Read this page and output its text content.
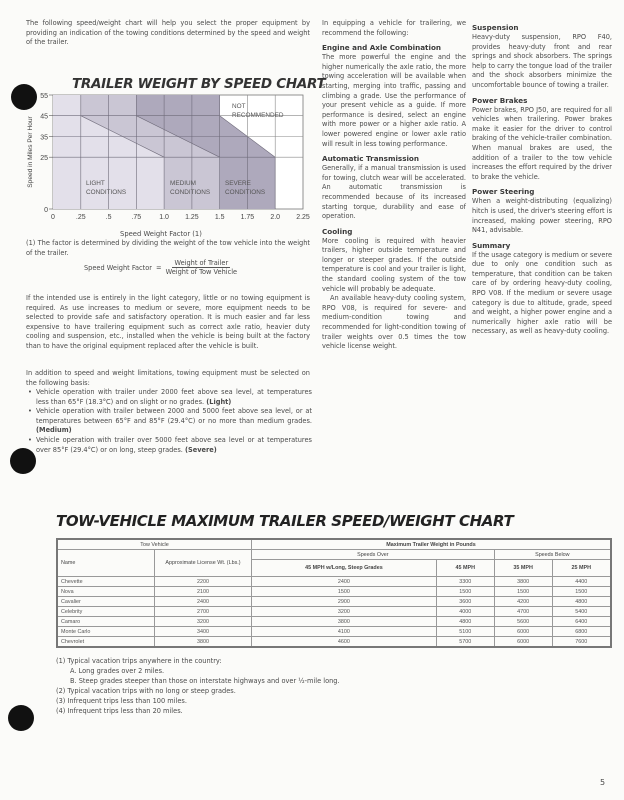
The following speed/weight chart will help you select the proper equipment by providing an indication of the towing conditions determined by the speed and weight of the trailer.

TRAILER WEIGHT BY SPEED CHART
55
45
35
25
0
0	.25	.5	.75	1.0 1.25 1.5 1.75 2.0 2.25
Speed in Miles Per Hour	LIGHT
CONDITIONS
MEDIUM
CONDITIONS
SEVERE
CONDITIONS
NOT
RECOMMENDED
Speed Weight Factor (1)

(1) The factor is determined by dividing the weight of the tow vehicle into the weight of the trailer.

Speed Weight Factor =
Weight of Trailer
Weight of Tow Vehicle

If the intended use is entirely in the light category, little or no towing equipment is required. As use increases to medium or severe, more equipment needs to be selected to provide safe and satisfactory operation. It is much easier and far less expensive to have trailering equipment such as correct axle ratio, heavier duty cooling and suspension, etc., installed when the vehicle is being built at the factory than to have the original equipment replaced after the vehicle is built.

In addition to speed and weight limitations, towing equipment must be selected on the following basis:

• Vehicle operation with trailer under 2000 feet above sea level, at temperatures less than 65°F (18.3°C) and on slight or no grades. (Light)

• Vehicle operation with trailer between 2000 and 5000 feet above sea level, or at temperatures between 65°F and 85°F (29.4°C) or no more than medium grades. (Medium)

• Vehicle operation with trailer over 5000 feet above sea level or at temperatures over 85°F (29.4°C) or on long, steep grades. (Severe)

In equipping a vehicle for trailering, we recommend the following:

Engine and Axle Combination

The more powerful the engine and the higher numerically the axle ratio, the more towing acceleration will be available when starting, merging into traffic, passing and climbing a grade. Use the performance of your present vehicle as a guide. If more performance is desired, select an engine with more power or a higher axle ratio. A lower powered engine or lower axle ratio will result in less towing performance.

Automatic Transmission

Generally, if a manual transmission is used for towing, clutch wear will be accelerated. An automatic transmission is recommended because of its increased starting torque, durability and ease of operation.

Cooling

More cooling is required with heavier trailers, higher outside temperature and longer or steeper grades. If the outside temperature is cool and your trailer is light, the standard cooling system of the tow vehicle will probably be adequate.

An available heavy-duty cooling system, RPO V08, is required for severe- and medium-condition towing and recommended for light-condition towing of trailer weights over 0.5 times the tow vehicle license weight.

Suspension

Heavy-duty suspension, RPO F40, provides heavy-duty front and rear springs and shock absorbers. The springs help to carry the tongue load of the trailer and the shock absorbers minimize the uncomfortable bounce of towing a trailer.

Power Brakes

Power brakes, RPO J50, are required for all vehicles when trailering. Power brakes make it easier for the driver to control braking of the vehicle-trailer combination. When manual brakes are used, the addition of a trailer to the tow vehicle increases the effort required by the driver to brake the vehicle.

Power Steering

When a weight-distributing (equalizing) hitch is used, the driver's steering effort is increased, making power steering, RPO N41, advisable.

Summary

If the usage category is medium or severe due to only one condition such as temperature, that condition can be taken care of by ordering heavy-duty cooling, RPO V08. If the medium or severe usage category is due to altitude, grade, speed and weight, a higher power engine and a numerically higher axle ratio will be necessary, as well as heavy-duty cooling.

TOW-VEHICLE MAXIMUM TRAILER SPEED/WEIGHT CHART
Tow Vehicle		Maximum Trailer Weight in Pounds			
Name	Approximate License Wt. (Lbs.)	Speeds Over		Speeds Below	
		45 MPH w/Long, Steep Grades	45 MPH	35 MPH	25 MPH
Chevette	2200	2400	3300	3800	4400
Nova	2100	1500	1500	1500	1500
Cavalier	2400	2900	3600	4200	4800
Celebrity	2700	3200	4000	4700	5400
Camaro	3200	3800	4800	5600	6400
Monte Carlo	3400	4100	5100	6000	6800
Chevrolet	3800	4600	5700	6000	7600

(1) Typical vacation trips anywhere in the country:

A. Long grades over 2 miles.

B. Steep grades steeper than those on interstate highways and over ½-mile long.

(2) Typical vacation trips with no long or steep grades.

(3) Infrequent trips less than 100 miles.

(4) Infrequent trips less than 20 miles.

5
